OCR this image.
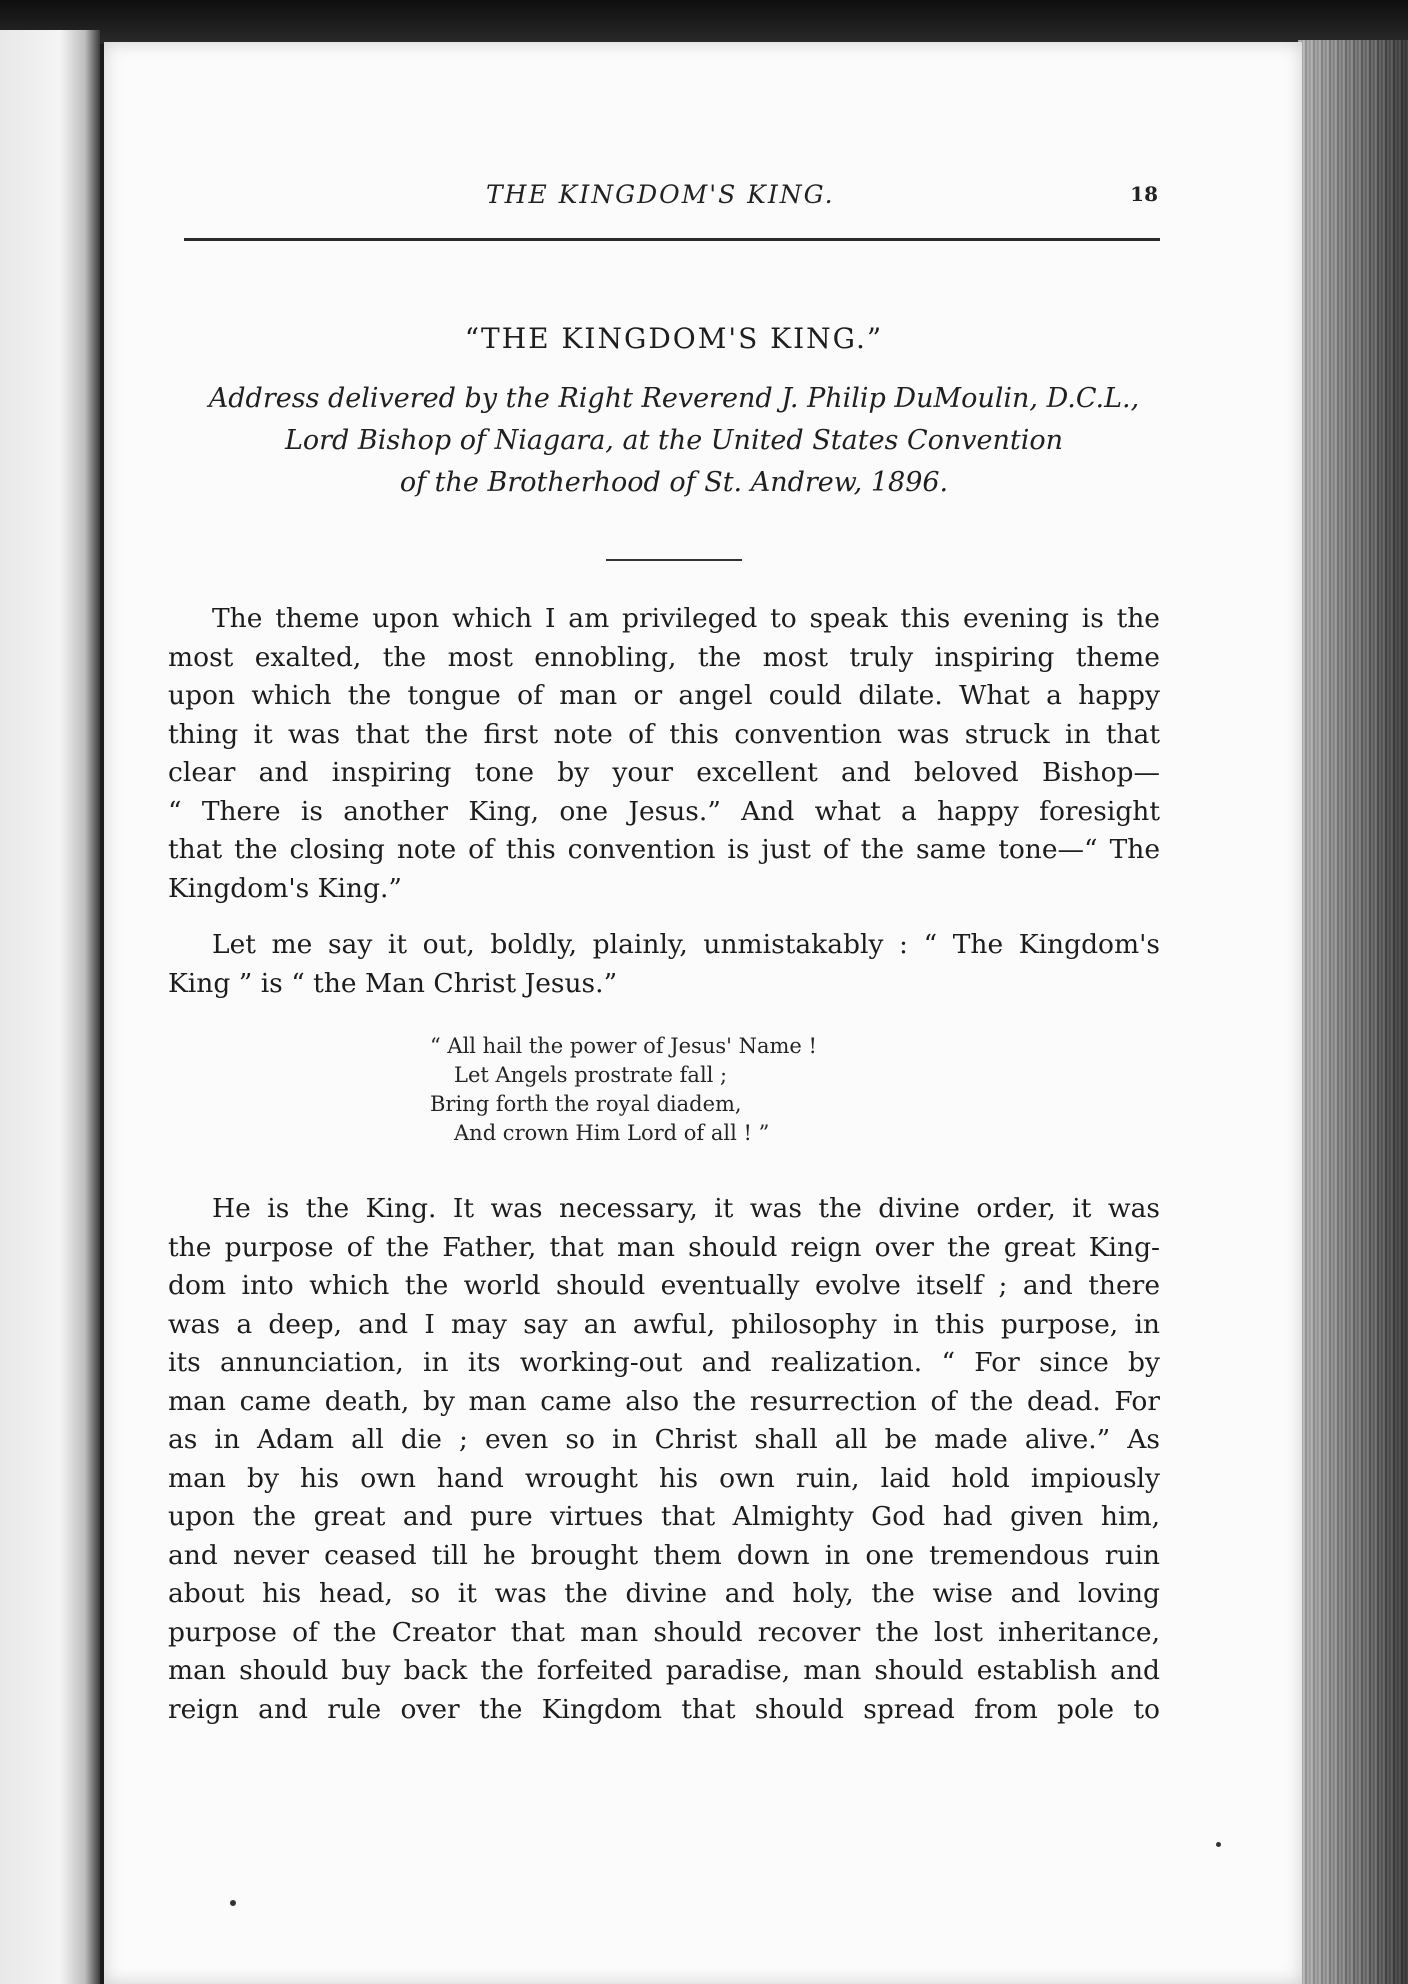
THE KINGDOM'S KING.	18
“THE KINGDOM'S KING.”
Address delivered by the Right Reverend J. Philip DuMoulin, D.C.L.,
Lord Bishop of Niagara, at the United States Convention
of the Brotherhood of St. Andrew, 1896.
The theme upon which I am privileged to speak this evening is the
most exalted, the most ennobling, the most truly inspiring theme
upon which the tongue of man or angel could dilate. What a happy
thing it was that the first note of this convention was struck in that
clear and inspiring tone by your excellent and beloved Bishop—
“ There is another King, one Jesus.” And what a happy foresight
that the closing note of this convention is just of the same tone—“ The
Kingdom's King.”
Let me say it out, boldly, plainly, unmistakably : “ The Kingdom's
King ” is “ the Man Christ Jesus.”
“ All hail the power of Jesus' Name !
Let Angels prostrate fall ;
Bring forth the royal diadem,
And crown Him Lord of all ! ”
He is the King. It was necessary, it was the divine order, it was
the purpose of the Father, that man should reign over the great King-
dom into which the world should eventually evolve itself ; and there
was a deep, and I may say an awful, philosophy in this purpose, in
its annunciation, in its working-out and realization. “ For since by
man came death, by man came also the resurrection of the dead. For
as in Adam all die ; even so in Christ shall all be made alive.” As
man by his own hand wrought his own ruin, laid hold impiously
upon the great and pure virtues that Almighty God had given him,
and never ceased till he brought them down in one tremendous ruin
about his head, so it was the divine and holy, the wise and loving
purpose of the Creator that man should recover the lost inheritance,
man should buy back the forfeited paradise, man should establish and
reign and rule over the Kingdom that should spread from pole to
